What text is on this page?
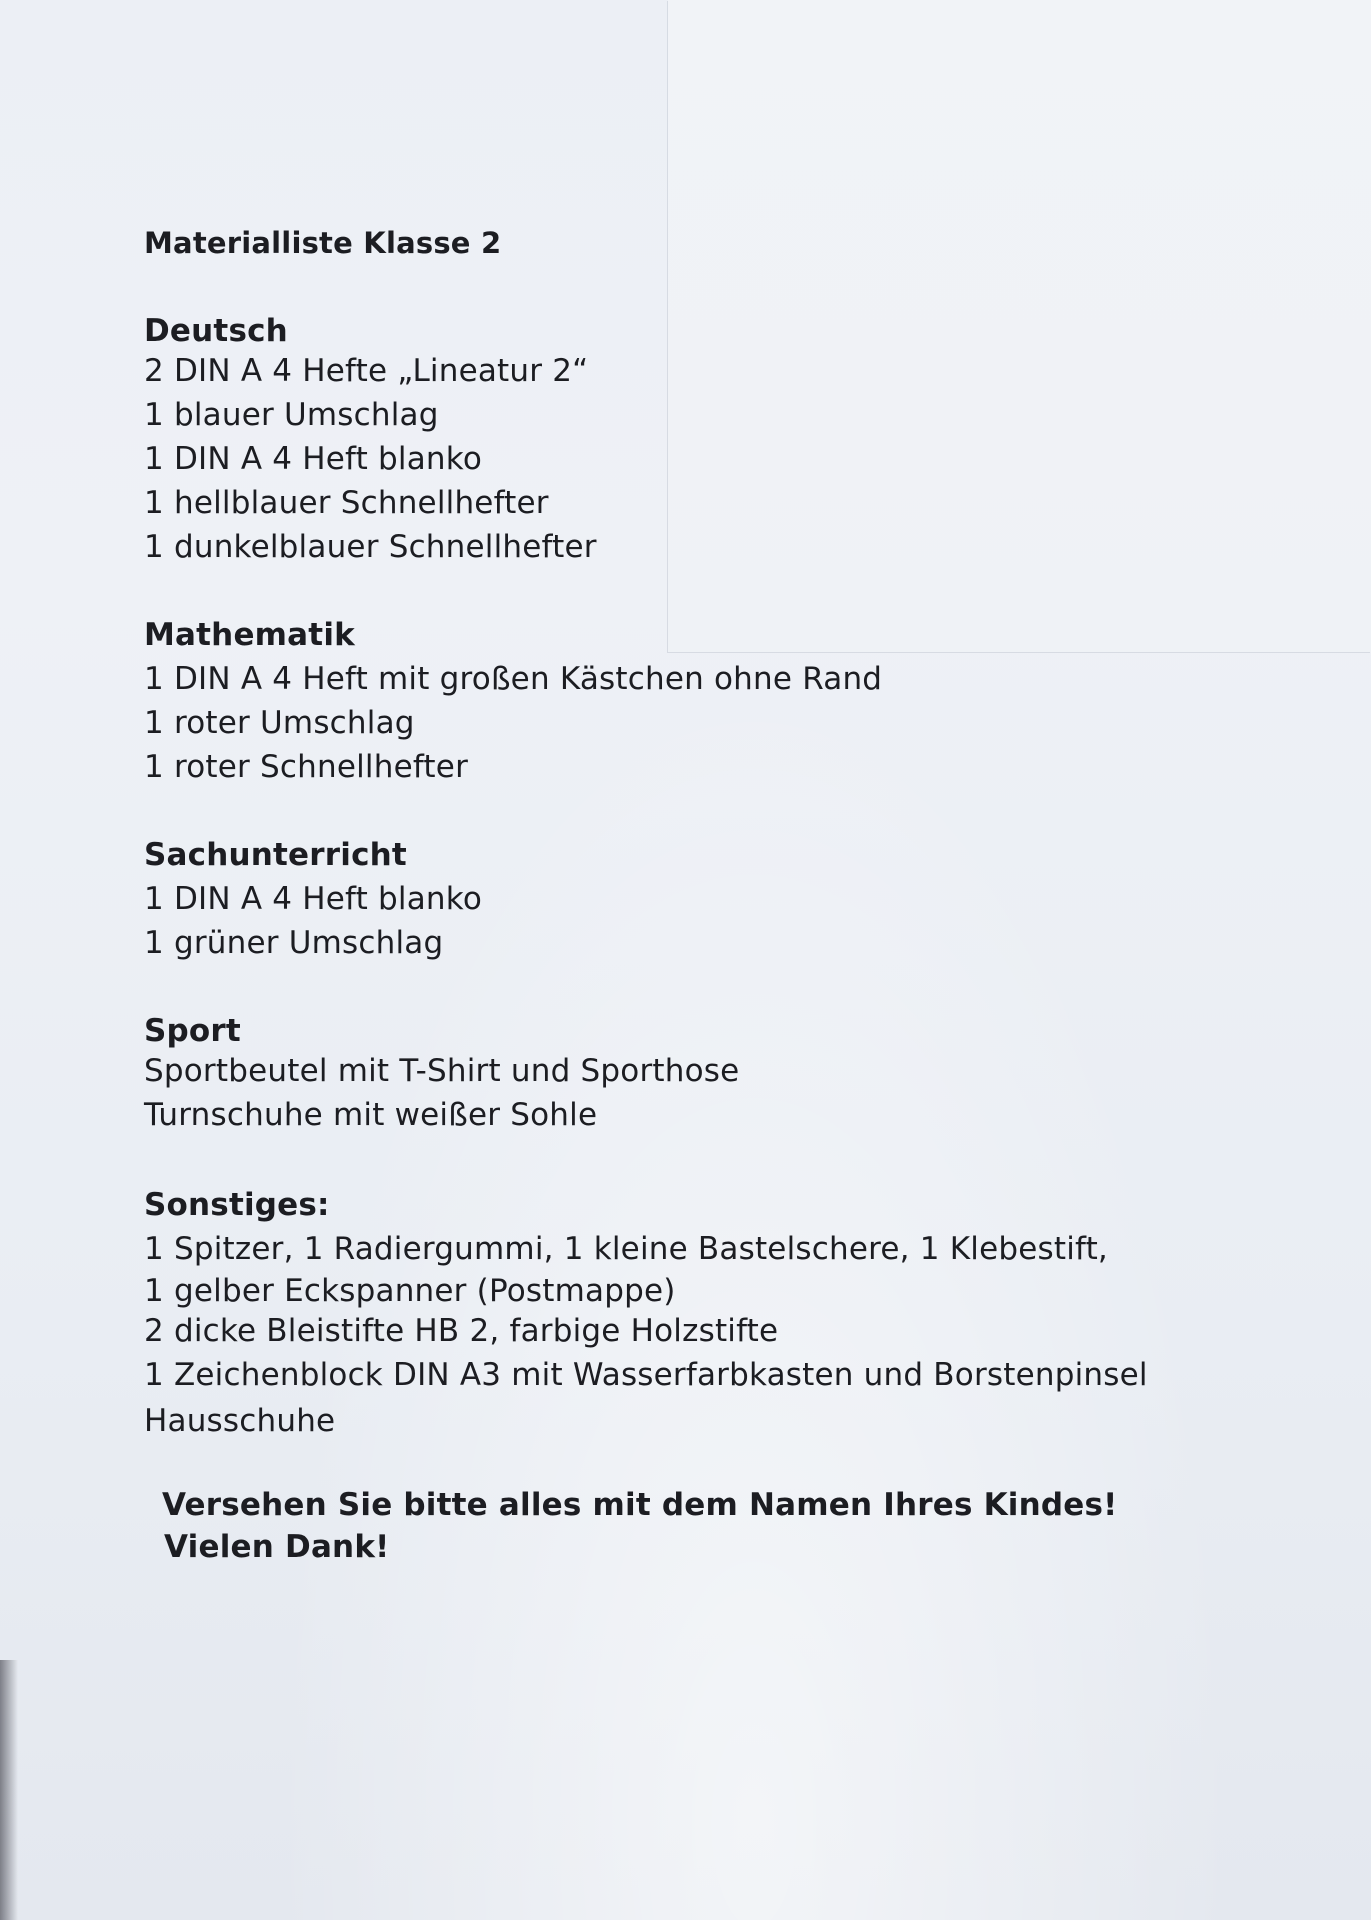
Materialliste Klasse 2
Deutsch
2 DIN A 4 Hefte „Lineatur 2“
1 blauer Umschlag
1 DIN A 4 Heft blanko
1 hellblauer Schnellhefter
1 dunkelblauer Schnellhefter
Mathematik
1 DIN A 4 Heft mit großen Kästchen ohne Rand
1 roter Umschlag
1 roter Schnellhefter
Sachunterricht
1 DIN A 4 Heft blanko
1 grüner Umschlag
Sport
Sportbeutel mit T-Shirt und Sporthose
Turnschuhe mit weißer Sohle
Sonstiges:
1 Spitzer, 1 Radiergummi, 1 kleine Bastelschere, 1 Klebestift,
1 gelber Eckspanner (Postmappe)
2 dicke Bleistifte HB 2, farbige Holzstifte
1 Zeichenblock DIN A3 mit Wasserfarbkasten und Borstenpinsel
Hausschuhe
Versehen Sie bitte alles mit dem Namen Ihres Kindes!
Vielen Dank!
